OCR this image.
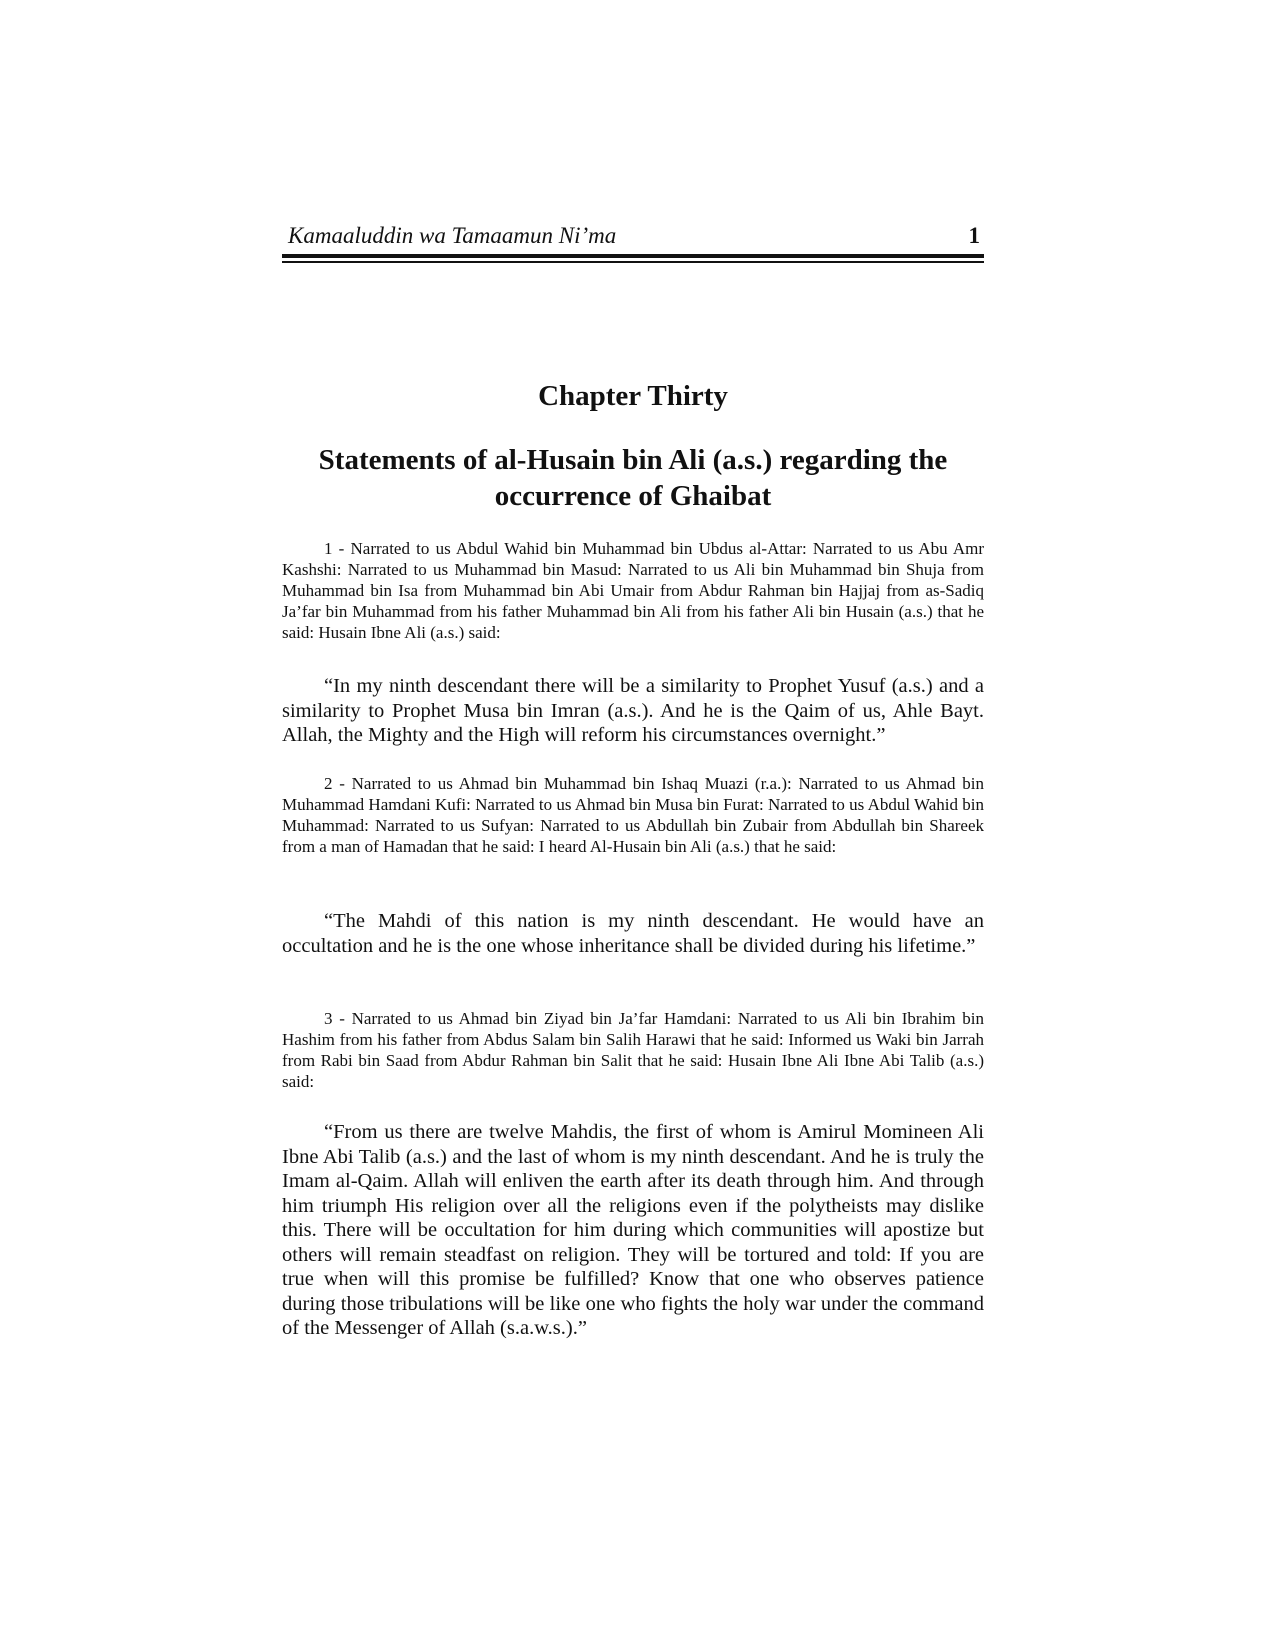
Kamaaluddin wa Tamaamun Ni’ma	1
Chapter Thirty
Statements of al-Husain bin Ali (a.s.) regarding the occurrence of Ghaibat

1 - Narrated to us Abdul Wahid bin Muhammad bin Ubdus al-Attar: Narrated to us Abu Amr Kashshi: Narrated to us Muhammad bin Masud: Narrated to us Ali bin Muhammad bin Shuja from Muhammad bin Isa from Muhammad bin Abi Umair from Abdur Rahman bin Hajjaj from as-Sadiq Ja’far bin Muhammad from his father Muhammad bin Ali from his father Ali bin Husain (a.s.) that he said: Husain Ibne Ali (a.s.) said:

“In my ninth descendant there will be a similarity to Prophet Yusuf (a.s.) and a similarity to Prophet Musa bin Imran (a.s.). And he is the Qaim of us, Ahle Bayt. Allah, the Mighty and the High will reform his circumstances overnight.”

2 - Narrated to us Ahmad bin Muhammad bin Ishaq Muazi (r.a.): Narrated to us Ahmad bin Muhammad Hamdani Kufi: Narrated to us Ahmad bin Musa bin Furat: Narrated to us Abdul Wahid bin Muhammad: Narrated to us Sufyan: Narrated to us Abdullah bin Zubair from Abdullah bin Shareek from a man of Hamadan that he said: I heard Al-Husain bin Ali (a.s.) that he said:

“The Mahdi of this nation is my ninth descendant. He would have an occultation and he is the one whose inheritance shall be divided during his lifetime.”

3 - Narrated to us Ahmad bin Ziyad bin Ja’far Hamdani: Narrated to us Ali bin Ibrahim bin Hashim from his father from Abdus Salam bin Salih Harawi that he said: Informed us Waki bin Jarrah from Rabi bin Saad from Abdur Rahman bin Salit that he said: Husain Ibne Ali Ibne Abi Talib (a.s.) said:

“From us there are twelve Mahdis, the first of whom is Amirul Momineen Ali Ibne Abi Talib (a.s.) and the last of whom is my ninth descendant. And he is truly the Imam al-Qaim. Allah will enliven the earth after its death through him. And through him triumph His religion over all the religions even if the polytheists may dislike this. There will be occultation for him during which communities will apostize but others will remain steadfast on religion. They will be tortured and told: If you are true when will this promise be fulfilled? Know that one who observes patience during those tribulations will be like one who fights the holy war under the command of the Messenger of Allah (s.a.w.s.).”
